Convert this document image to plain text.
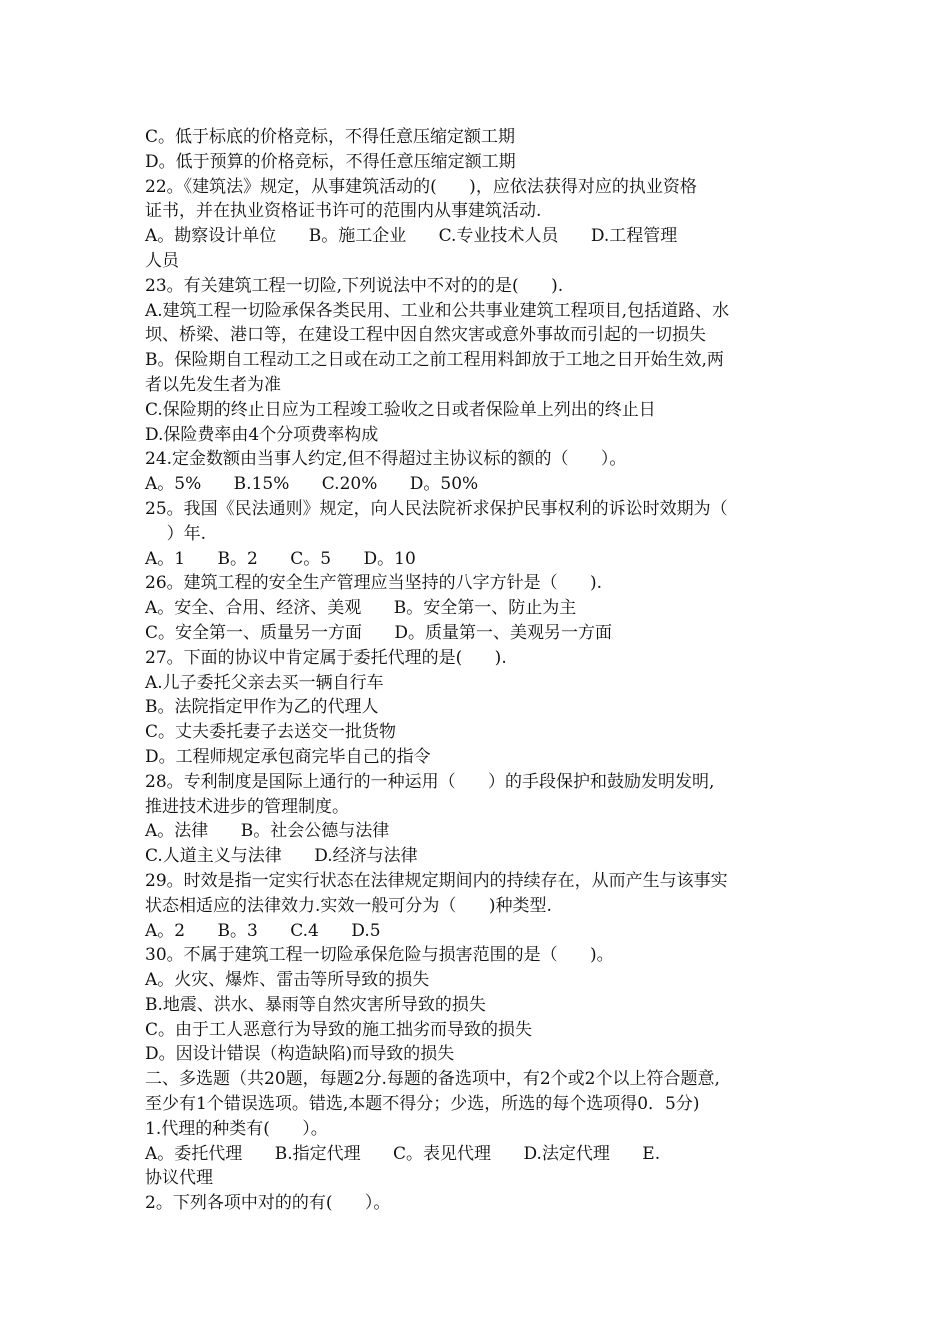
C。低于标底的价格竞标，不得任意压缩定额工期
D。低于预算的价格竞标，不得任意压缩定额工期
22。《建筑法》规定，从事建筑活动的(      )，应依法获得对应的执业资格
证书，并在执业资格证书许可的范围内从事建筑活动.
A。勘察设计单位      B。施工企业      C.专业技术人员      D.工程管理
人员
23。有关建筑工程一切险,下列说法中不对的的是(      ).
A.建筑工程一切险承保各类民用、工业和公共事业建筑工程项目,包括道路、水
坝、桥梁、港口等，在建设工程中因自然灾害或意外事故而引起的一切损失
B。保险期自工程动工之日或在动工之前工程用料卸放于工地之日开始生效,两
者以先发生者为准
C.保险期的终止日应为工程竣工验收之日或者保险单上列出的终止日
D.保险费率由4个分项费率构成
24.定金数额由当事人约定,但不得超过主协议标的额的（      ）。
A。5%      B.15%      C.20%      D。50%
25。我国《民法通则》规定，向人民法院祈求保护民事权利的诉讼时效期为（
）年.
A。1      B。2      C。5      D。10
26。建筑工程的安全生产管理应当坚持的八字方针是（      ).
A。安全、合用、经济、美观      B。安全第一、防止为主
C。安全第一、质量另一方面      D。质量第一、美观另一方面
27。下面的协议中肯定属于委托代理的是(      ).
A.儿子委托父亲去买一辆自行车
B。法院指定甲作为乙的代理人
C。丈夫委托妻子去送交一批货物
D。工程师规定承包商完毕自己的指令
28。专利制度是国际上通行的一种运用（      ）的手段保护和鼓励发明发明,
推进技术进步的管理制度。
A。法律      B。社会公德与法律
C.人道主义与法律      D.经济与法律
29。时效是指一定实行状态在法律规定期间内的持续存在，从而产生与该事实
状态相适应的法律效力.实效一般可分为（      )种类型.
A。2      B。3      C.4      D.5
30。不属于建筑工程一切险承保危险与损害范围的是（      )。
A。火灾、爆炸、雷击等所导致的损失
B.地震、洪水、暴雨等自然灾害所导致的损失
C。由于工人恶意行为导致的施工拙劣而导致的损失
D。因设计错误（构造缺陷)而导致的损失
二、多选题（共20题，每题2分.每题的备选项中，有2个或2个以上符合题意,
至少有1个错误选项。错选,本题不得分；少选，所选的每个选项得0．5分)
1.代理的种类有(      ）。
A。委托代理      B.指定代理      C。表见代理      D.法定代理      E.
协议代理
2。下列各项中对的的有(      ）。
